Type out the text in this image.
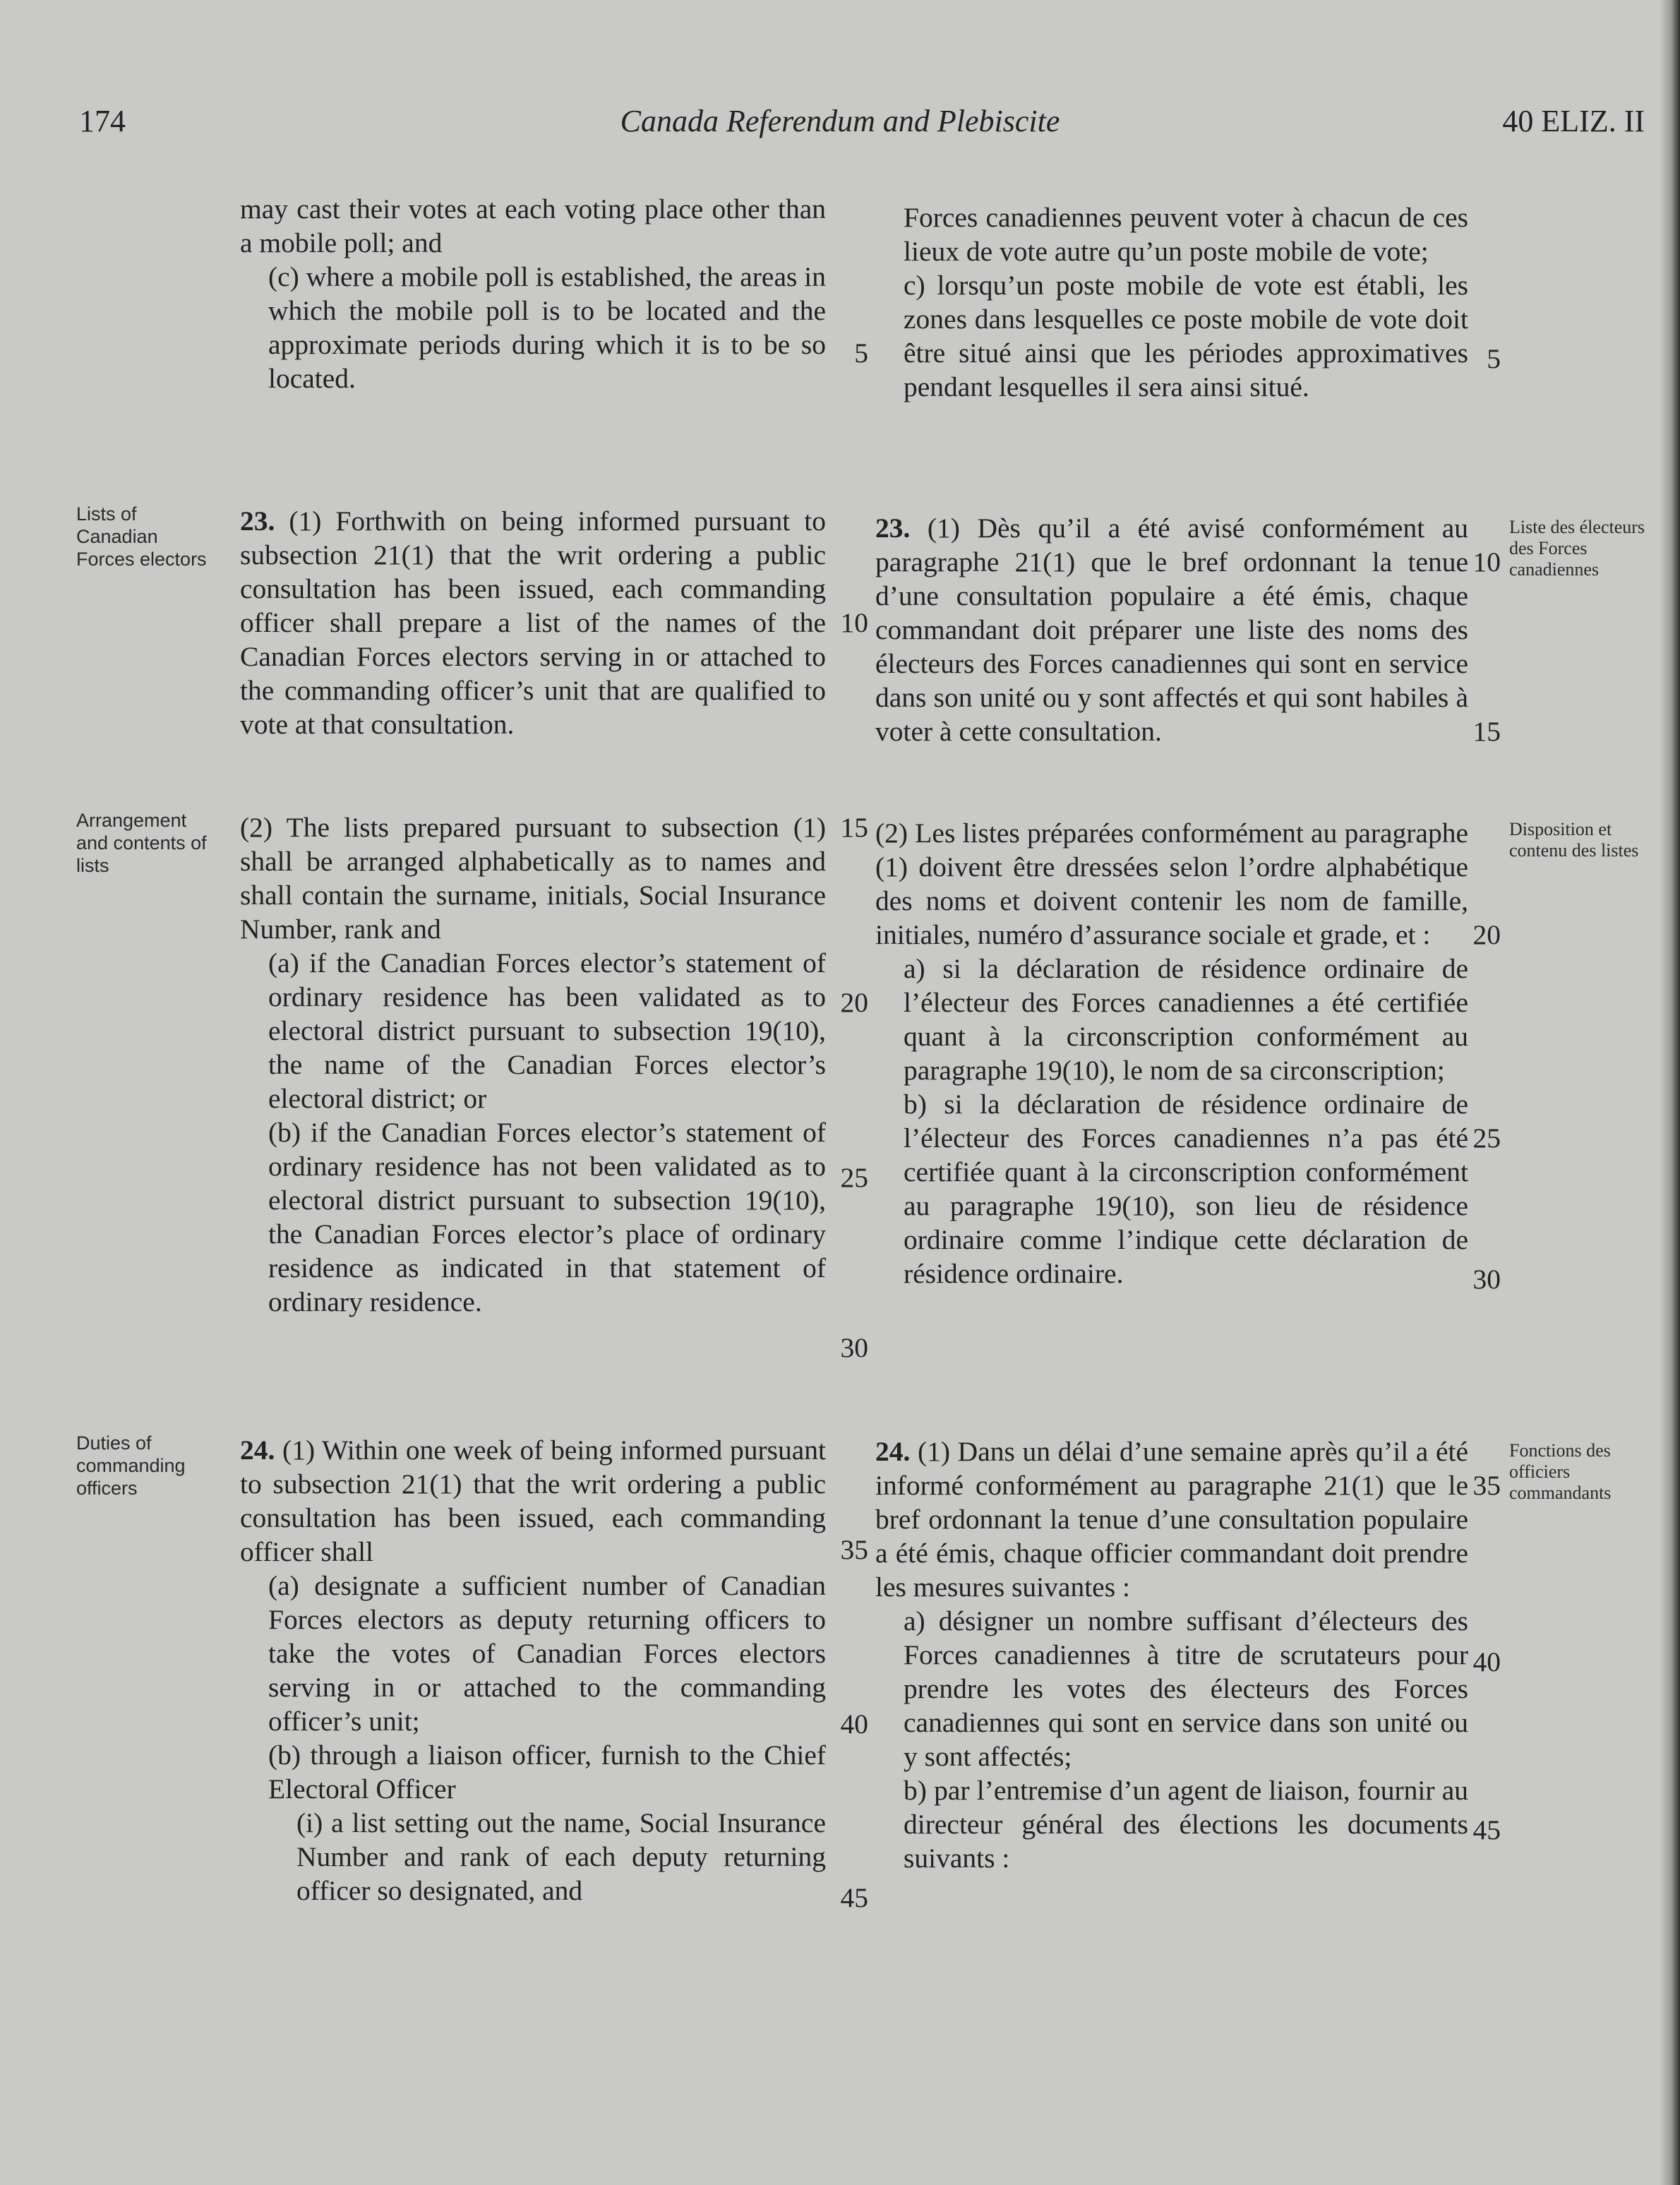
174	Canada Referendum and Plebiscite	40 ELIZ. II

may cast their votes at each voting place other than a mobile poll; and

(c) where a mobile poll is established, the areas in which the mobile poll is to be located and the approximate periods during which it is to be so located.

23. (1) Forthwith on being informed pursuant to subsection 21(1) that the writ ordering a public consultation has been issued, each commanding officer shall prepare a list of the names of the Canadian Forces electors serving in or attached to the commanding officer’s unit that are qualified to vote at that consultation.

(2) The lists prepared pursuant to subsection (1) shall be arranged alphabetically as to names and shall contain the surname, initials, Social Insurance Number, rank and

(a) if the Canadian Forces elector’s statement of ordinary residence has been validated as to electoral district pursuant to subsection 19(10), the name of the Canadian Forces elector’s electoral district; or

(b) if the Canadian Forces elector’s statement of ordinary residence has not been validated as to electoral district pursuant to subsection 19(10), the Canadian Forces elector’s place of ordinary residence as indicated in that statement of ordinary residence.

24. (1) Within one week of being informed pursuant to subsection 21(1) that the writ ordering a public consultation has been issued, each commanding officer shall

(a) designate a sufficient number of Canadian Forces electors as deputy returning officers to take the votes of Canadian Forces electors serving in or attached to the commanding officer’s unit;

(b) through a liaison officer, furnish to the Chief Electoral Officer

(i) a list setting out the name, Social Insurance Number and rank of each deputy returning officer so designated, and

5
10
15
20
25
30
35
40
45

Forces canadiennes peuvent voter à chacun de ces lieux de vote autre qu’un poste mobile de vote;

c) lorsqu’un poste mobile de vote est établi, les zones dans lesquelles ce poste mobile de vote doit être situé ainsi que les périodes approximatives pendant lesquelles il sera ainsi situé.

23. (1) Dès qu’il a été avisé conformément au paragraphe 21(1) que le bref ordonnant la tenue d’une consultation populaire a été émis, chaque commandant doit préparer une liste des noms des électeurs des Forces canadiennes qui sont en service dans son unité ou y sont affectés et qui sont habiles à voter à cette consultation.

(2) Les listes préparées conformément au paragraphe (1) doivent être dressées selon l’ordre alphabétique des noms et doivent contenir les nom de famille, initiales, numéro d’assurance sociale et grade, et :

a) si la déclaration de résidence ordinaire de l’électeur des Forces canadiennes a été certifiée quant à la circonscription conformément au paragraphe 19(10), le nom de sa circonscription;

b) si la déclaration de résidence ordinaire de l’électeur des Forces canadiennes n’a pas été certifiée quant à la circonscription conformément au paragraphe 19(10), son lieu de résidence ordinaire comme l’indique cette déclaration de résidence ordinaire.

24. (1) Dans un délai d’une semaine après qu’il a été informé conformément au paragraphe 21(1) que le bref ordonnant la tenue d’une consultation populaire a été émis, chaque officier commandant doit prendre les mesures suivantes :

a) désigner un nombre suffisant d’électeurs des Forces canadiennes à titre de scrutateurs pour prendre les votes des électeurs des Forces canadiennes qui sont en service dans son unité ou y sont affectés;

b) par l’entremise d’un agent de liaison, fournir au directeur général des élections les documents suivants :

5
10
15
20
25
30
35
40
45
Lists of Canadian Forces electors
Arrangement and contents of lists
Duties of commanding officers
Liste des électeurs des Forces canadiennes
Disposition et contenu des listes
Fonctions des officiers commandants
